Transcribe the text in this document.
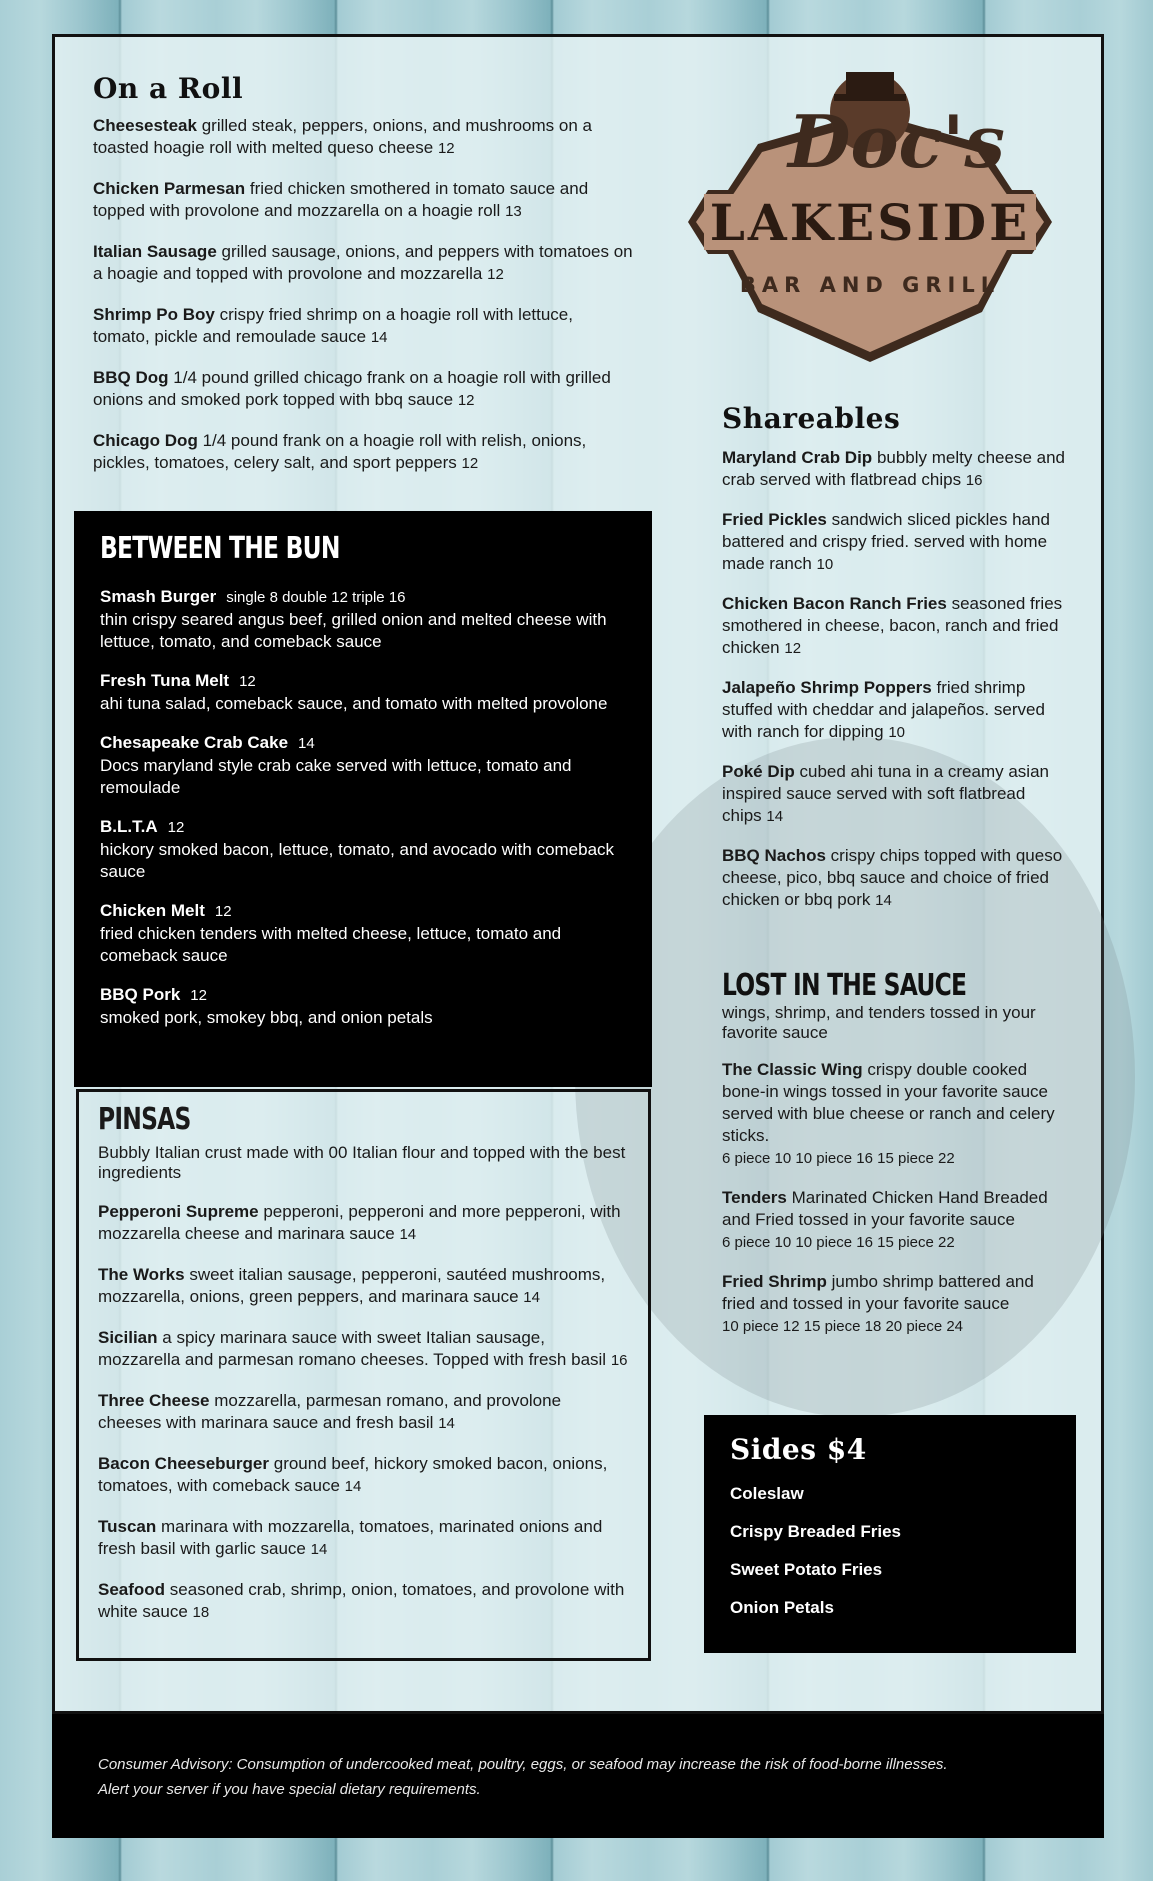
On a Roll
Cheesesteak grilled steak, peppers, onions, and mushrooms on a toasted hoagie roll with melted queso cheese 12
Chicken Parmesan fried chicken smothered in tomato sauce and topped with provolone and mozzarella on a hoagie roll 13
Italian Sausage grilled sausage, onions, and peppers with tomatoes on a hoagie and topped with provolone and mozzarella 12
Shrimp Po Boy crispy fried shrimp on a hoagie roll with lettuce, tomato, pickle and remoulade sauce 14
BBQ Dog 1/4 pound grilled chicago frank on a hoagie roll with grilled onions and smoked pork topped with bbq sauce 12
Chicago Dog 1/4 pound frank on a hoagie roll with relish, onions, pickles, tomatoes, celery salt, and sport peppers 12
Doc's
LAKESIDE
BAR AND GRILL
BETWEEN THE BUN
Smash Burger single 8 double 12 triple 16
thin crispy seared angus beef, grilled onion and melted cheese with lettuce, tomato, and comeback sauce
Fresh Tuna Melt 12
ahi tuna salad, comeback sauce, and tomato with melted provolone
Chesapeake Crab Cake 14
Docs maryland style crab cake served with lettuce, tomato and remoulade
B.L.T.A 12
hickory smoked bacon, lettuce, tomato, and avocado with comeback sauce
Chicken Melt 12
fried chicken tenders with melted cheese, lettuce, tomato and comeback sauce
BBQ Pork 12
smoked pork, smokey bbq, and onion petals
PINSAS
Bubbly Italian crust made with 00 Italian flour and topped with the best ingredients
Pepperoni Supreme pepperoni, pepperoni and more pepperoni, with mozzarella cheese and marinara sauce 14
The Works sweet italian sausage, pepperoni, sautéed mushrooms, mozzarella, onions, green peppers, and marinara sauce 14
Sicilian a spicy marinara sauce with sweet Italian sausage, mozzarella and parmesan romano cheeses. Topped with fresh basil 16
Three Cheese mozzarella, parmesan romano, and provolone cheeses with marinara sauce and fresh basil 14
Bacon Cheeseburger ground beef, hickory smoked bacon, onions, tomatoes, with comeback sauce 14
Tuscan marinara with mozzarella, tomatoes, marinated onions and fresh basil with garlic sauce 14
Seafood seasoned crab, shrimp, onion, tomatoes, and provolone with white sauce 18
Shareables
Maryland Crab Dip bubbly melty cheese and crab served with flatbread chips 16
Fried Pickles sandwich sliced pickles hand battered and crispy fried. served with home made ranch 10
Chicken Bacon Ranch Fries seasoned fries smothered in cheese, bacon, ranch and fried chicken 12
Jalapeño Shrimp Poppers fried shrimp stuffed with cheddar and jalapeños. served with ranch for dipping 10
Poké Dip cubed ahi tuna in a creamy asian inspired sauce served with soft flatbread chips 14
BBQ Nachos crispy chips topped with queso cheese, pico, bbq sauce and choice of fried chicken or bbq pork 14
LOST IN THE SAUCE
wings, shrimp, and tenders tossed in your favorite sauce
The Classic Wing crispy double cooked bone-in wings tossed in your favorite sauce served with blue cheese or ranch and celery sticks.
6 piece 10 10 piece 16 15 piece 22
Tenders Marinated Chicken Hand Breaded and Fried tossed in your favorite sauce
6 piece 10 10 piece 16 15 piece 22
Fried Shrimp jumbo shrimp battered and fried and tossed in your favorite sauce
10 piece 12 15 piece 18 20 piece 24
Sides $4
Coleslaw
Crispy Breaded Fries
Sweet Potato Fries
Onion Petals
Consumer Advisory: Consumption of undercooked meat, poultry, eggs, or seafood may increase the risk of food-borne illnesses.
Alert your server if you have special dietary requirements.
